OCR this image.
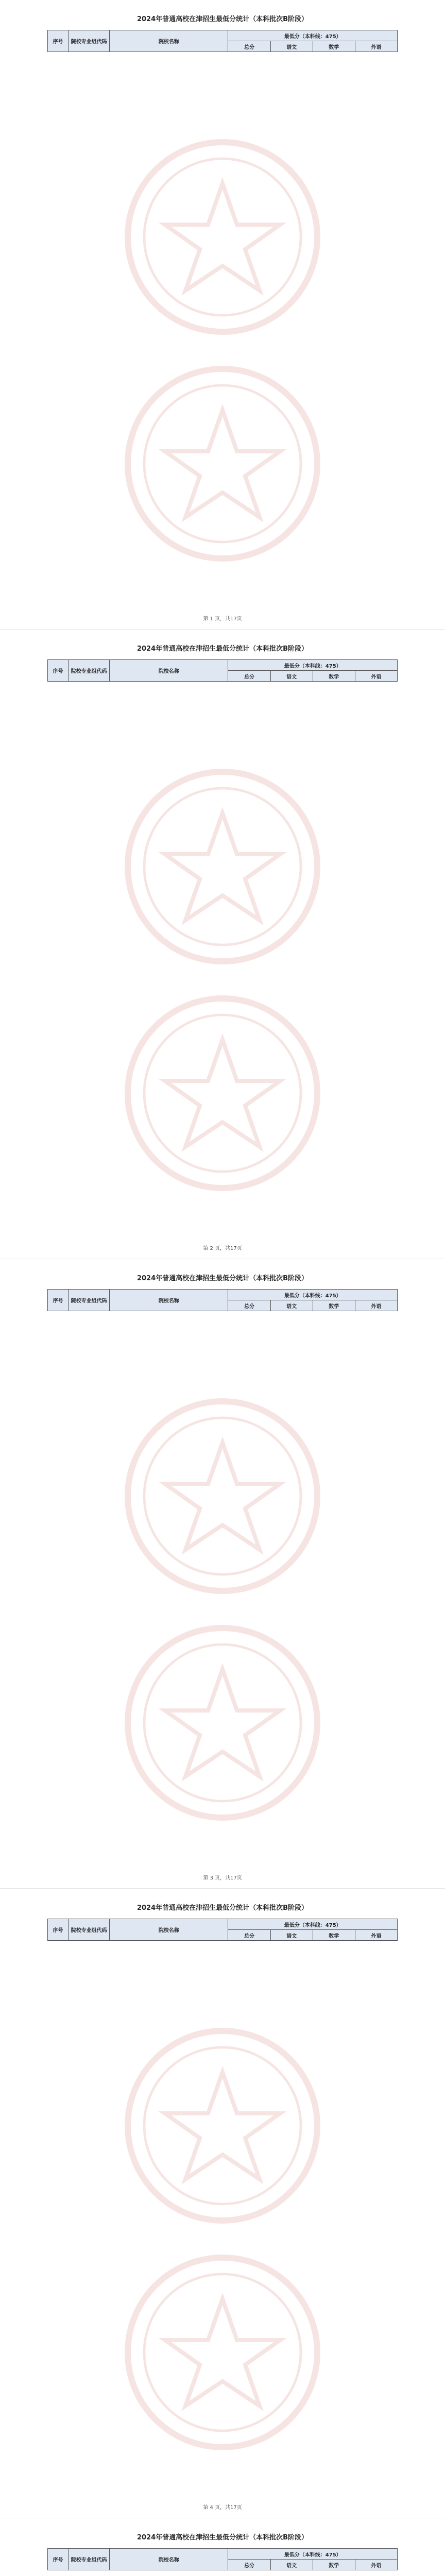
2024年普通高校在津招生最低分统计（本科批次B阶段）
序号	院校专业组代码	院校名称	最低分（本科线：475）			
			总分	语文	数学	外语
第 1 页，共17页
2024年普通高校在津招生最低分统计（本科批次B阶段）
序号	院校专业组代码	院校名称	最低分（本科线：475）			
			总分	语文	数学	外语
第 2 页，共17页
2024年普通高校在津招生最低分统计（本科批次B阶段）
序号	院校专业组代码	院校名称	最低分（本科线：475）			
			总分	语文	数学	外语
第 3 页，共17页
2024年普通高校在津招生最低分统计（本科批次B阶段）
序号	院校专业组代码	院校名称	最低分（本科线：475）			
			总分	语文	数学	外语
第 4 页，共17页
2024年普通高校在津招生最低分统计（本科批次B阶段）
序号	院校专业组代码	院校名称	最低分（本科线：475）			
			总分	语文	数学	外语
